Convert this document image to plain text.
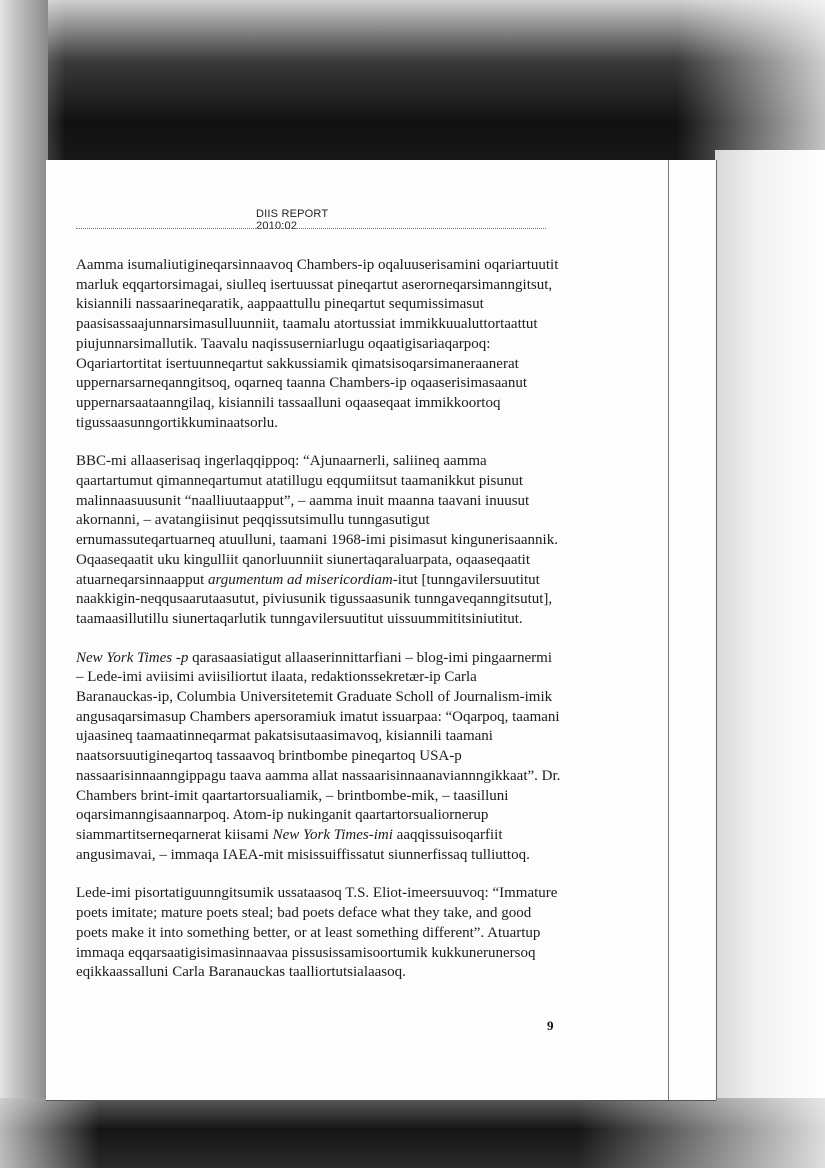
DIIS REPORT 2010:02

Aamma isumaliutigineqarsinnaavoq Chambers-ip oqaluuserisamini oqariartuutit marluk eqqartorsimagai, siulleq isertuussat pineqartut aserorneqarsimanngitsut, kisiannili nassaarineqaratik, aappaattullu pineqartut sequmissimasut paasisassaajunnarsimasulluunniit, taamalu atortussiat immikkuualuttortaattut piujunnarsimallutik. Taavalu naqissuserniarlugu oqaatigisariaqarpoq: Oqariartortitat isertuunneqartut sakkussiamik qimatsisoqarsimaneraanerat uppernarsarneqanngitsoq, oqarneq taanna Chambers-ip oqaaserisimasaanut uppernarsaataanngilaq, kisiannili tassaalluni oqaaseqaat immikkoortoq tigussaasunngortikkuminaatsorlu.

BBC-mi allaaserisaq ingerlaqqippoq: “Ajunaarnerli, saliineq aamma qaartartumut qimanneqartumut atatillugu eqqumiitsut taamanikkut pisunut malinnaasuusunit “naalliuutaapput”, – aamma inuit maanna taavani inuusut akornanni, – avatangiisinut peqqissutsimullu tunngasutigut ernumassuteqartuarneq atuulluni, taamani 1968-imi pisimasut kingunerisaannik. Oqaaseqaatit uku kingulliit qanorluunniit siunertaqaraluarpata, oqaaseqaatit atuarneqarsinnaapput argumentum ad misericordiam-itut [tunngavilersuutitut naakkigin-neqqusaarutaasutut, piviusunik tigussaasunik tunngaveqanngitsutut], taamaasillutillu siunertaqarlutik tunngavilersuutitut uissuummititsiniutitut.

New York Times -p qarasaasiatigut allaaserinnittarfiani – blog-imi pingaarnermi – Lede-imi aviisimi aviisiliortut ilaata, redaktionssekretær-ip Carla Baranauckas-ip, Columbia Universitetemit Graduate Scholl of Journalism-imik angusaqarsimasup Chambers apersoramiuk imatut issuarpaa: “Oqarpoq, taamani ujaasineq taamaatinneqarmat pakatsisutaasimavoq, kisiannili taamani naatsorsuutigineqartoq tassaavoq brintbombe pineqartoq USA-p nassaarisinnaanngippagu taava aamma allat nassaarisinnaanaviannngikkaat”. Dr. Chambers brint-imit qaartartorsualiamik, – brintbombe-mik, – taasilluni oqarsimanngisaannarpoq. Atom-ip nukinganit qaartartorsualiornerup siammartitserneqarnerat kiisami New York Times-imi aaqqissuisoqarfiit angusimavai, – immaqa IAEA-mit misissuiffissatut siunnerfissaq tulliuttoq.

Lede-imi pisortatiguunngitsumik ussataasoq T.S. Eliot-imeersuuvoq: “Immature poets imitate; mature poets steal; bad poets deface what they take, and good poets make it into something better, or at least something different”. Atuartup immaqa eqqarsaatigisimasinnaavaa pissusissamisoortumik kukkunerunersoq eqikkaassalluni Carla Baranauckas taalliortutsialaasoq.

9
